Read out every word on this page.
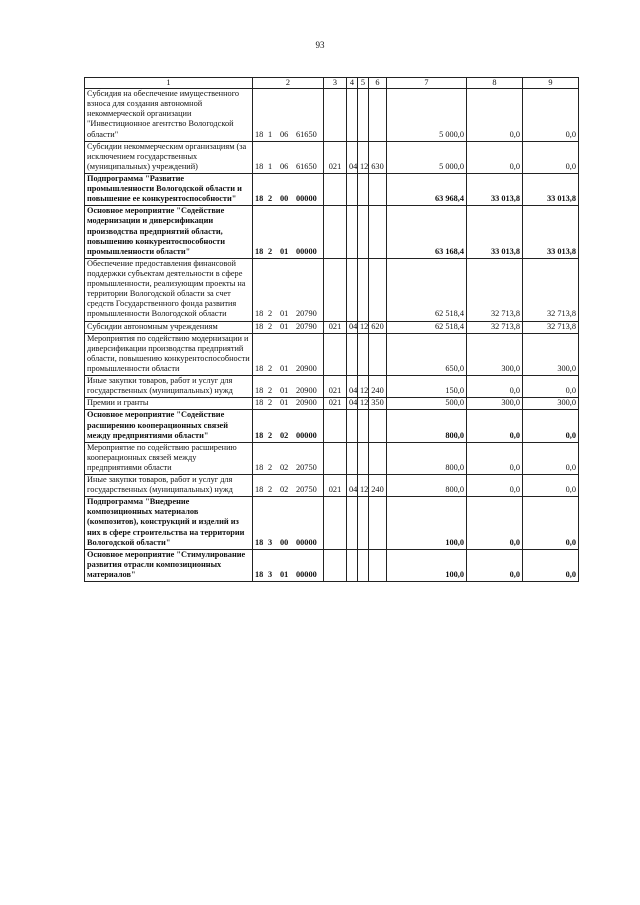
93
1	2	3	4	5	6	7	8	9
Субсидия на обеспечение имущественного взноса для создания автономной некоммерческой организации "Инвестиционное агентство Вологодской области"	18 1 06 61650					5 000,0	0,0	0,0
Субсидии некоммерческим организациям (за исключением государственных (муниципальных) учреждений)	18 1 06 61650	021	04	12	630	5 000,0	0,0	0,0
Подпрограмма "Развитие промышленности Вологодской области и повышение ее конкурентоспособности"	18 2 00 00000					63 968,4	33 013,8	33 013,8
Основное мероприятие "Содействие модернизации и диверсификации производства предприятий области, повышению конкурентоспособности промышленности области"	18 2 01 00000					63 168,4	33 013,8	33 013,8
Обеспечение предоставления финансовой поддержки субъектам деятельности в сфере промышленности, реализующим проекты на территории Вологодской области за счет средств Государственного фонда развития промышленности Вологодской области	18 2 01 20790					62 518,4	32 713,8	32 713,8
Субсидии автономным учреждениям	18 2 01 20790	021	04	12	620	62 518,4	32 713,8	32 713,8
Мероприятия по содействию модернизации и диверсификации производства предприятий области, повышению конкурентоспособности промышленности области	18 2 01 20900					650,0	300,0	300,0
Иные закупки товаров, работ и услуг для государственных (муниципальных) нужд	18 2 01 20900	021	04	12	240	150,0	0,0	0,0
Премии и гранты	18 2 01 20900	021	04	12	350	500,0	300,0	300,0
Основное мероприятие "Содействие расширению кооперационных связей между предприятиями области"	18 2 02 00000					800,0	0,0	0,0
Мероприятие по содействию расширению кооперационных связей между предприятиями области	18 2 02 20750					800,0	0,0	0,0
Иные закупки товаров, работ и услуг для государственных (муниципальных) нужд	18 2 02 20750	021	04	12	240	800,0	0,0	0,0
Подпрограмма "Внедрение композиционных материалов (композитов), конструкций и изделий из них в сфере строительства на территории Вологодской области"	18 3 00 00000					100,0	0,0	0,0
Основное мероприятие "Стимулирование развития отрасли композиционных материалов"	18 3 01 00000					100,0	0,0	0,0
